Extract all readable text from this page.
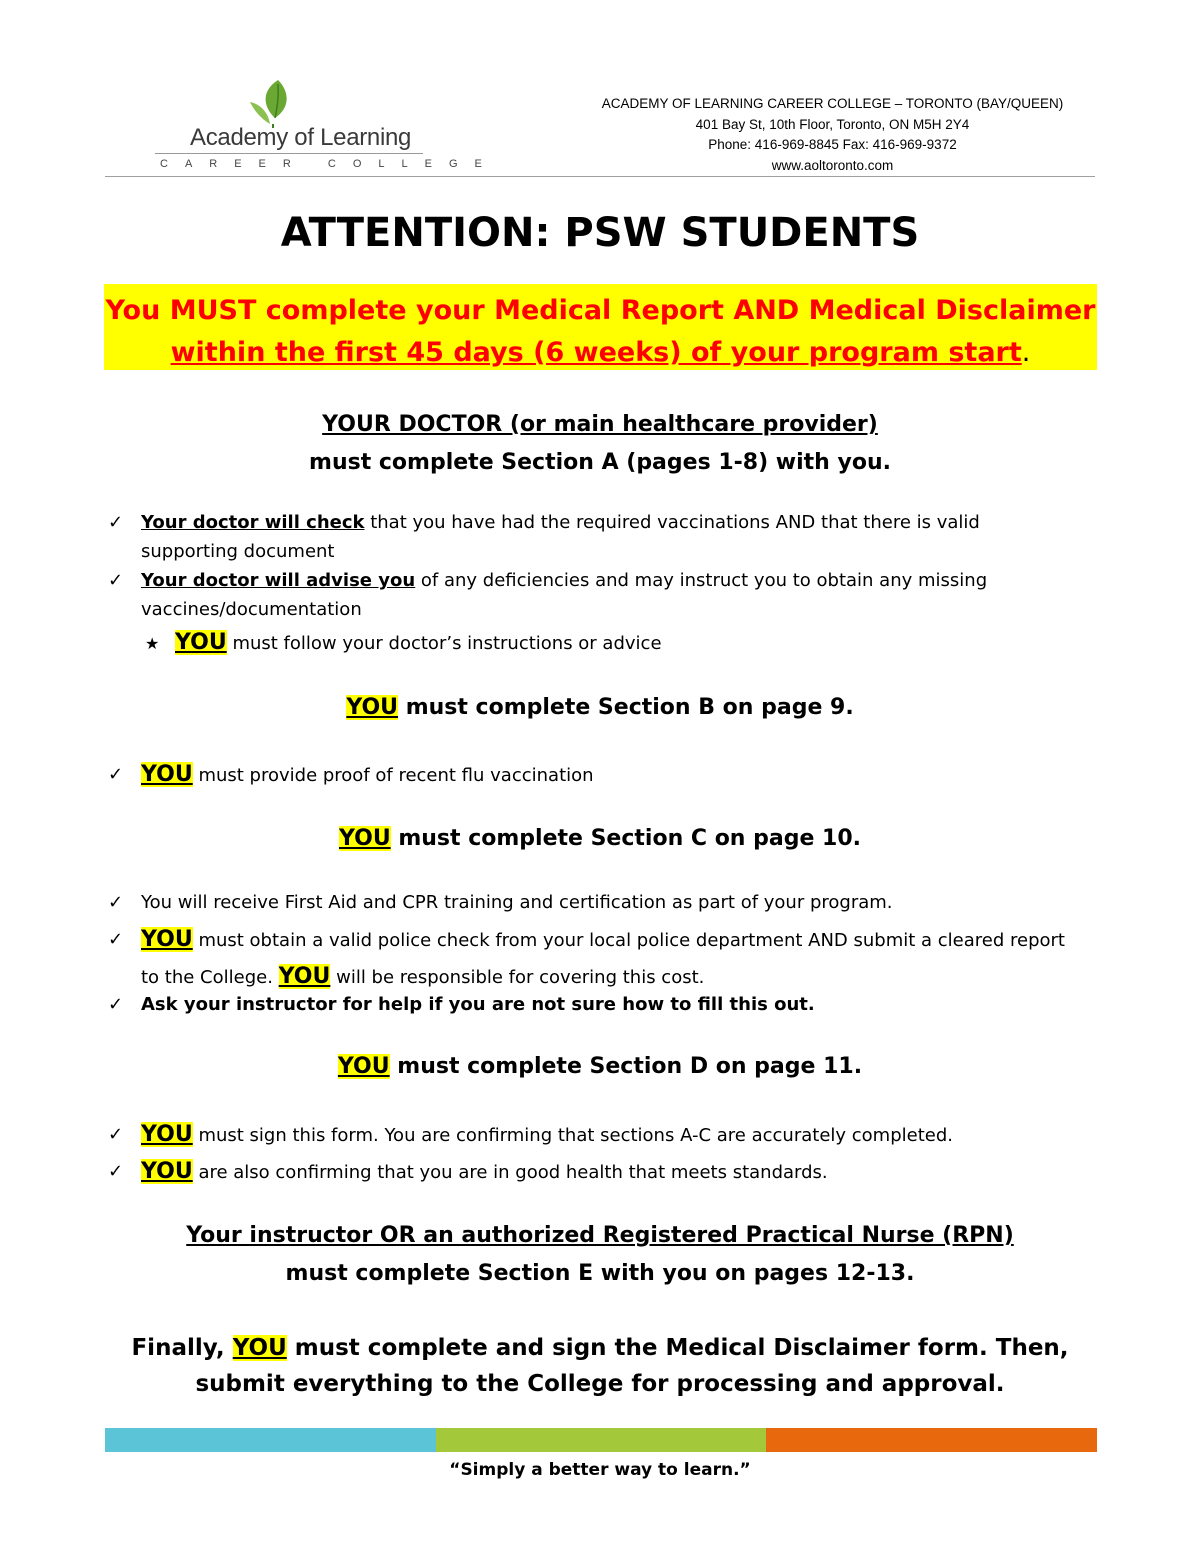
Academy of Learning
CAREER COLLEGE
ACADEMY OF LEARNING CAREER COLLEGE – TORONTO (BAY/QUEEN)
401 Bay St, 10th Floor, Toronto, ON M5H 2Y4
Phone: 416-969-8845 Fax: 416-969-9372
www.aoltoronto.com
ATTENTION: PSW STUDENTS
You MUST complete your Medical Report AND Medical Disclaimer
within the first 45 days (6 weeks) of your program start.
YOUR DOCTOR (or main healthcare provider)
must complete Section A (pages 1-8) with you.
✓ Your doctor will check that you have had the required vaccinations AND that there is valid supporting document
✓ Your doctor will advise you of any deficiencies and may instruct you to obtain any missing vaccines/documentation
★ YOU must follow your doctor’s instructions or advice
YOU must complete Section B on page 9.
✓ YOU must provide proof of recent flu vaccination
YOU must complete Section C on page 10.
✓ You will receive First Aid and CPR training and certification as part of your program.
✓ YOU must obtain a valid police check from your local police department AND submit a cleared report to the College. YOU will be responsible for covering this cost.
✓ Ask your instructor for help if you are not sure how to fill this out.
YOU must complete Section D on page 11.
✓ YOU must sign this form. You are confirming that sections A-C are accurately completed.
✓ YOU are also confirming that you are in good health that meets standards.
Your instructor OR an authorized Registered Practical Nurse (RPN)
must complete Section E with you on pages 12-13.
Finally, YOU must complete and sign the Medical Disclaimer form. Then,
submit everything to the College for processing and approval.
“Simply a better way to learn.”
